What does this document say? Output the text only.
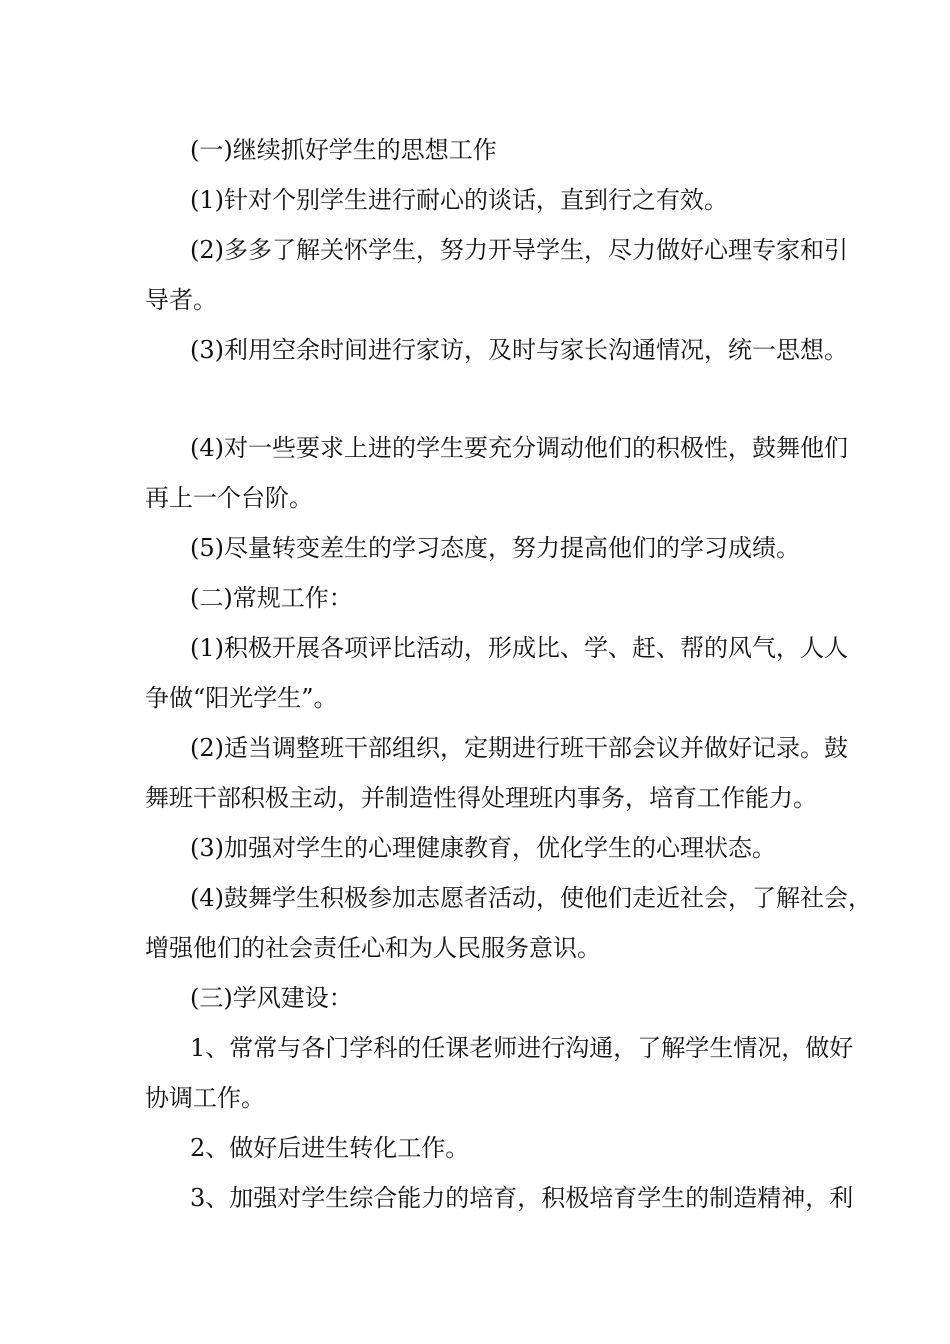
(一)继续抓好学生的思想工作
(1)针对个别学生进行耐心的谈话，直到行之有效。
(2)多多了解关怀学生，努力开导学生，尽力做好心理专家和引
导者。
(3)利用空余时间进行家访，及时与家长沟通情况，统一思想。
(4)对一些要求上进的学生要充分调动他们的积极性，鼓舞他们
再上一个台阶。
(5)尽量转变差生的学习态度，努力提高他们的学习成绩。
(二)常规工作：
(1)积极开展各项评比活动，形成比、学、赶、帮的风气，人人
争做“阳光学生”。
(2)适当调整班干部组织，定期进行班干部会议并做好记录。鼓
舞班干部积极主动，并制造性得处理班内事务，培育工作能力。
(3)加强对学生的心理健康教育，优化学生的心理状态。
(4)鼓舞学生积极参加志愿者活动，使他们走近社会，了解社会，
增强他们的社会责任心和为人民服务意识。
(三)学风建设：
1、常常与各门学科的任课老师进行沟通，了解学生情况，做好
协调工作。
2、做好后进生转化工作。
3、加强对学生综合能力的培育，积极培育学生的制造精神，利
